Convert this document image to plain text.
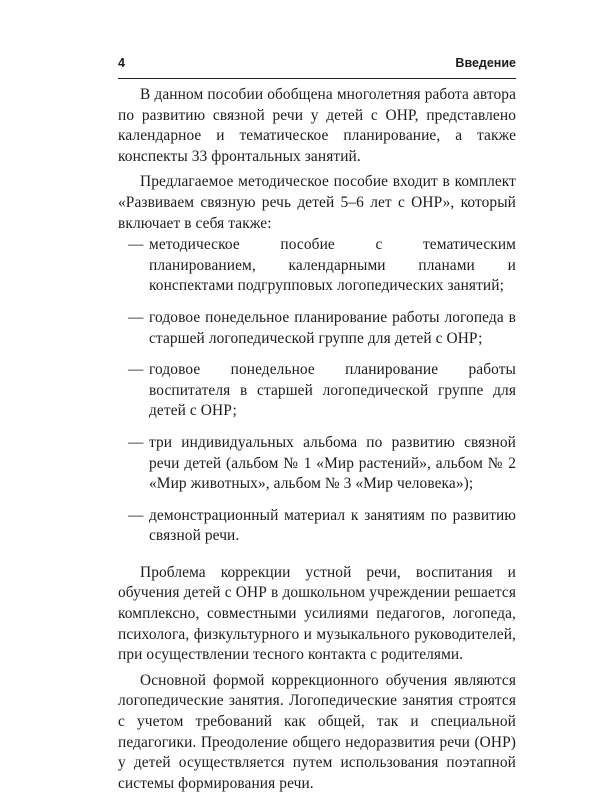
4	Введение

В данном пособии обобщена многолетняя работа автора по развитию связной речи у детей с ОНР, представлено календарное и тематическое планирование, а также конспекты 33 фронтальных занятий.

Предлагаемое методическое пособие входит в комплект «Развиваем связную речь детей 5–6 лет с ОНР», который включает в себя также:

— методическое пособие с тематическим планированием, календарными планами и конспектами подгрупповых логопедических занятий;
— годовое понедельное планирование работы логопеда в старшей логопедической группе для детей с ОНР;
— годовое понедельное планирование работы воспитателя в старшей логопедической группе для детей с ОНР;
— три индивидуальных альбома по развитию связной речи детей (альбом № 1 «Мир растений», альбом № 2 «Мир животных», альбом № 3 «Мир человека»);
— демонстрационный материал к занятиям по развитию связной речи.

Проблема коррекции устной речи, воспитания и обучения детей с ОНР в дошкольном учреждении решается комплексно, совместными усилиями педагогов, логопеда, психолога, физкультурного и музыкального руководителей, при осуществлении тесного контакта с родителями.

Основной формой коррекционного обучения являются логопедические занятия. Логопедические занятия строятся с учетом требований как общей, так и специальной педагогики. Преодоление общего недоразвития речи (ОНР) у детей осуществляется путем использования поэтапной системы формирования речи.
